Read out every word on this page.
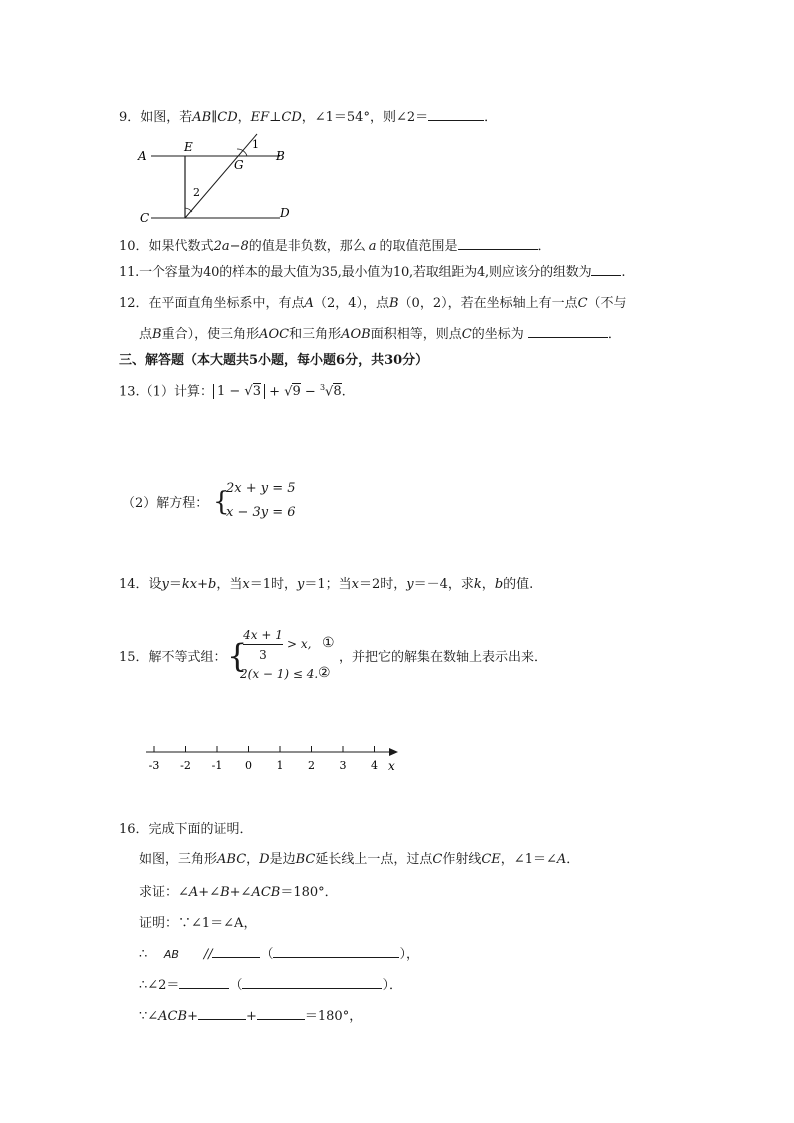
9．如图，若AB∥CD，EF⊥CD，∠1＝54°，则∠2＝	．
A
E
B
G
C	D
1
2
10．如果代数式2a−8的值是非负数，那么 a 的取值范围是	．
11.一个容量为40的样本的最大值为35,最小值为10,若取组距为4,则应该分的组数为 .
12．在平面直角坐标系中，有点A（2，4），点B（0，2），若在坐标轴上有一点C（不与
点B重合），使三角形AOC和三角形AOB面积相等，则点C的坐标为	．
三、解答题（本大题共5小题，每小题6分，共30分）
13.（1）计算： 1 − √3 + √9 − $^3$√8.
（2）解方程： {
2x + y = 5
x − 3y = 6
14．设y＝kx+b，当x＝1时，y＝1；当x＝2时，y＝－4，求k，b的值.
15．解不等式组： {
4x + 1
3
> x, ①
，并把它的解集在数轴上表示出来．
2(x − 1) ≤ 4. ②
-3 -2 -1 0 1 2 3 4 x
16．完成下面的证明．
如图，三角形ABC，D是边BC延长线上一点，过点C作射线CE，∠1＝∠A．
求证：∠A+∠B+∠ACB＝180°．
证明：∵∠1＝∠A，
∴ AB //	（	），
∴∠2＝	（	）．
∵∠ACB+	+	＝180°，
